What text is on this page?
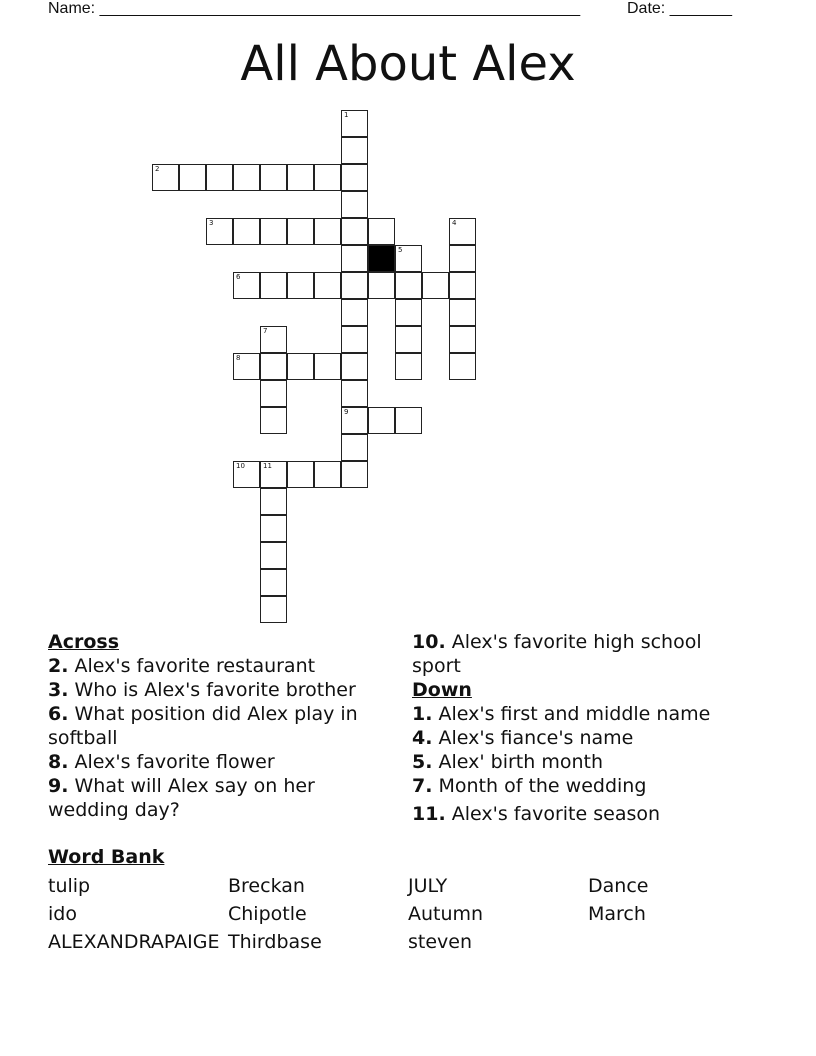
Name: ______________________________________________________	Date: _______
All About Alex
2
3
6
8
9
10	11
1
4
5
7
Across
2. Alex's favorite restaurant
3. Who is Alex's favorite brother
6. What position did Alex play in softball
8. Alex's favorite flower
9. What will Alex say on her wedding day?
10. Alex's favorite high school sport
Down
1. Alex's first and middle name
4. Alex's fiance's name
5. Alex' birth month
7. Month of the wedding
11. Alex's favorite season
Word Bank
tulip	Breckan	JULY	Dance
ido	Chipotle	Autumn	March
ALEXANDRAPAIGE Thirdbase	steven
